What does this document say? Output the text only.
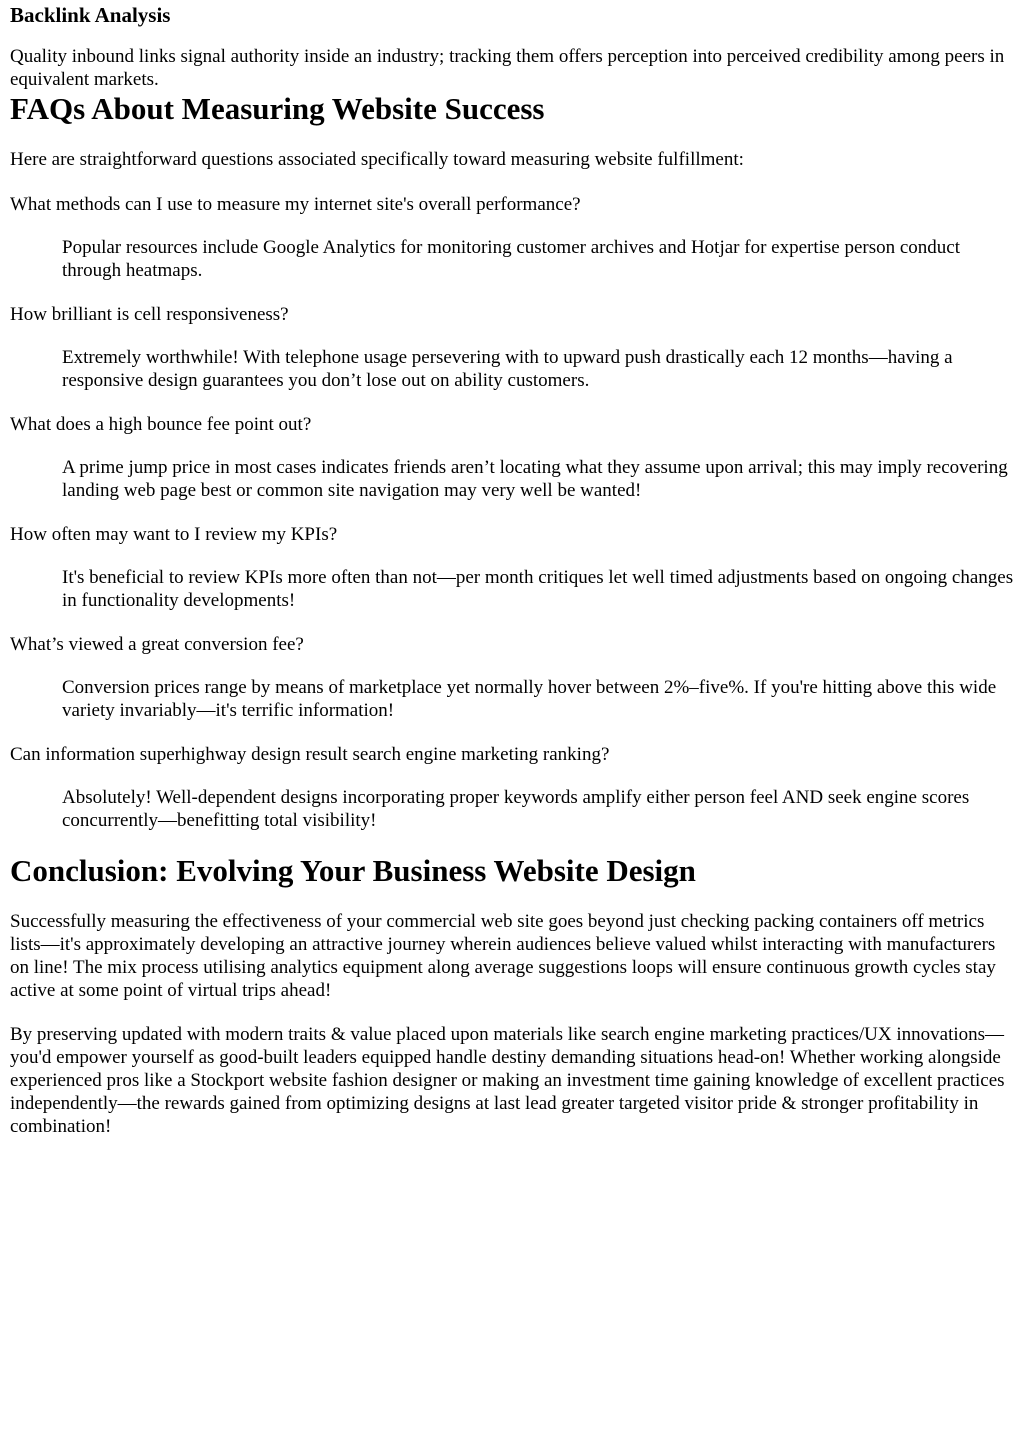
Backlink Analysis

Quality inbound links signal authority inside an industry; tracking them offers perception into perceived credibility among peers in equivalent markets.

FAQs About Measuring Website Success

Here are straightforward questions associated specifically toward measuring website fulfillment:

What methods can I use to measure my internet site's overall performance?
Popular resources include Google Analytics for monitoring customer archives and Hotjar for expertise person conduct through heatmaps.
How brilliant is cell responsiveness?
Extremely worthwhile! With telephone usage persevering with to upward push drastically each 12 months—having a responsive design guarantees you don’t lose out on ability customers.
What does a high bounce fee point out?
A prime jump price in most cases indicates friends aren’t locating what they assume upon arrival; this may imply recovering landing web page best or common site navigation may very well be wanted!
How often may want to I review my KPIs?
It's beneficial to review KPIs more often than not—per month critiques let well timed adjustments based on ongoing changes in functionality developments!
What’s viewed a great conversion fee?
Conversion prices range by means of marketplace yet normally hover between 2%–five%. If you're hitting above this wide variety invariably—it's terrific information!
Can information superhighway design result search engine marketing ranking?
Absolutely! Well-dependent designs incorporating proper keywords amplify either person feel AND seek engine scores concurrently—benefitting total visibility!
Conclusion: Evolving Your Business Website Design

Successfully measuring the effectiveness of your commercial web site goes beyond just checking packing containers off metrics lists—it's approximately developing an attractive journey wherein audiences believe valued whilst interacting with manufacturers on line! The mix process utilising analytics equipment along average suggestions loops will ensure continuous growth cycles stay active at some point of virtual trips ahead!

By preserving updated with modern traits & value placed upon materials like search engine marketing practices/UX innovations—you'd empower yourself as good-built leaders equipped handle destiny demanding situations head-on! Whether working alongside experienced pros like a Stockport website fashion designer or making an investment time gaining knowledge of excellent practices independently—the rewards gained from optimizing designs at last lead greater targeted visitor pride & stronger profitability in combination!
